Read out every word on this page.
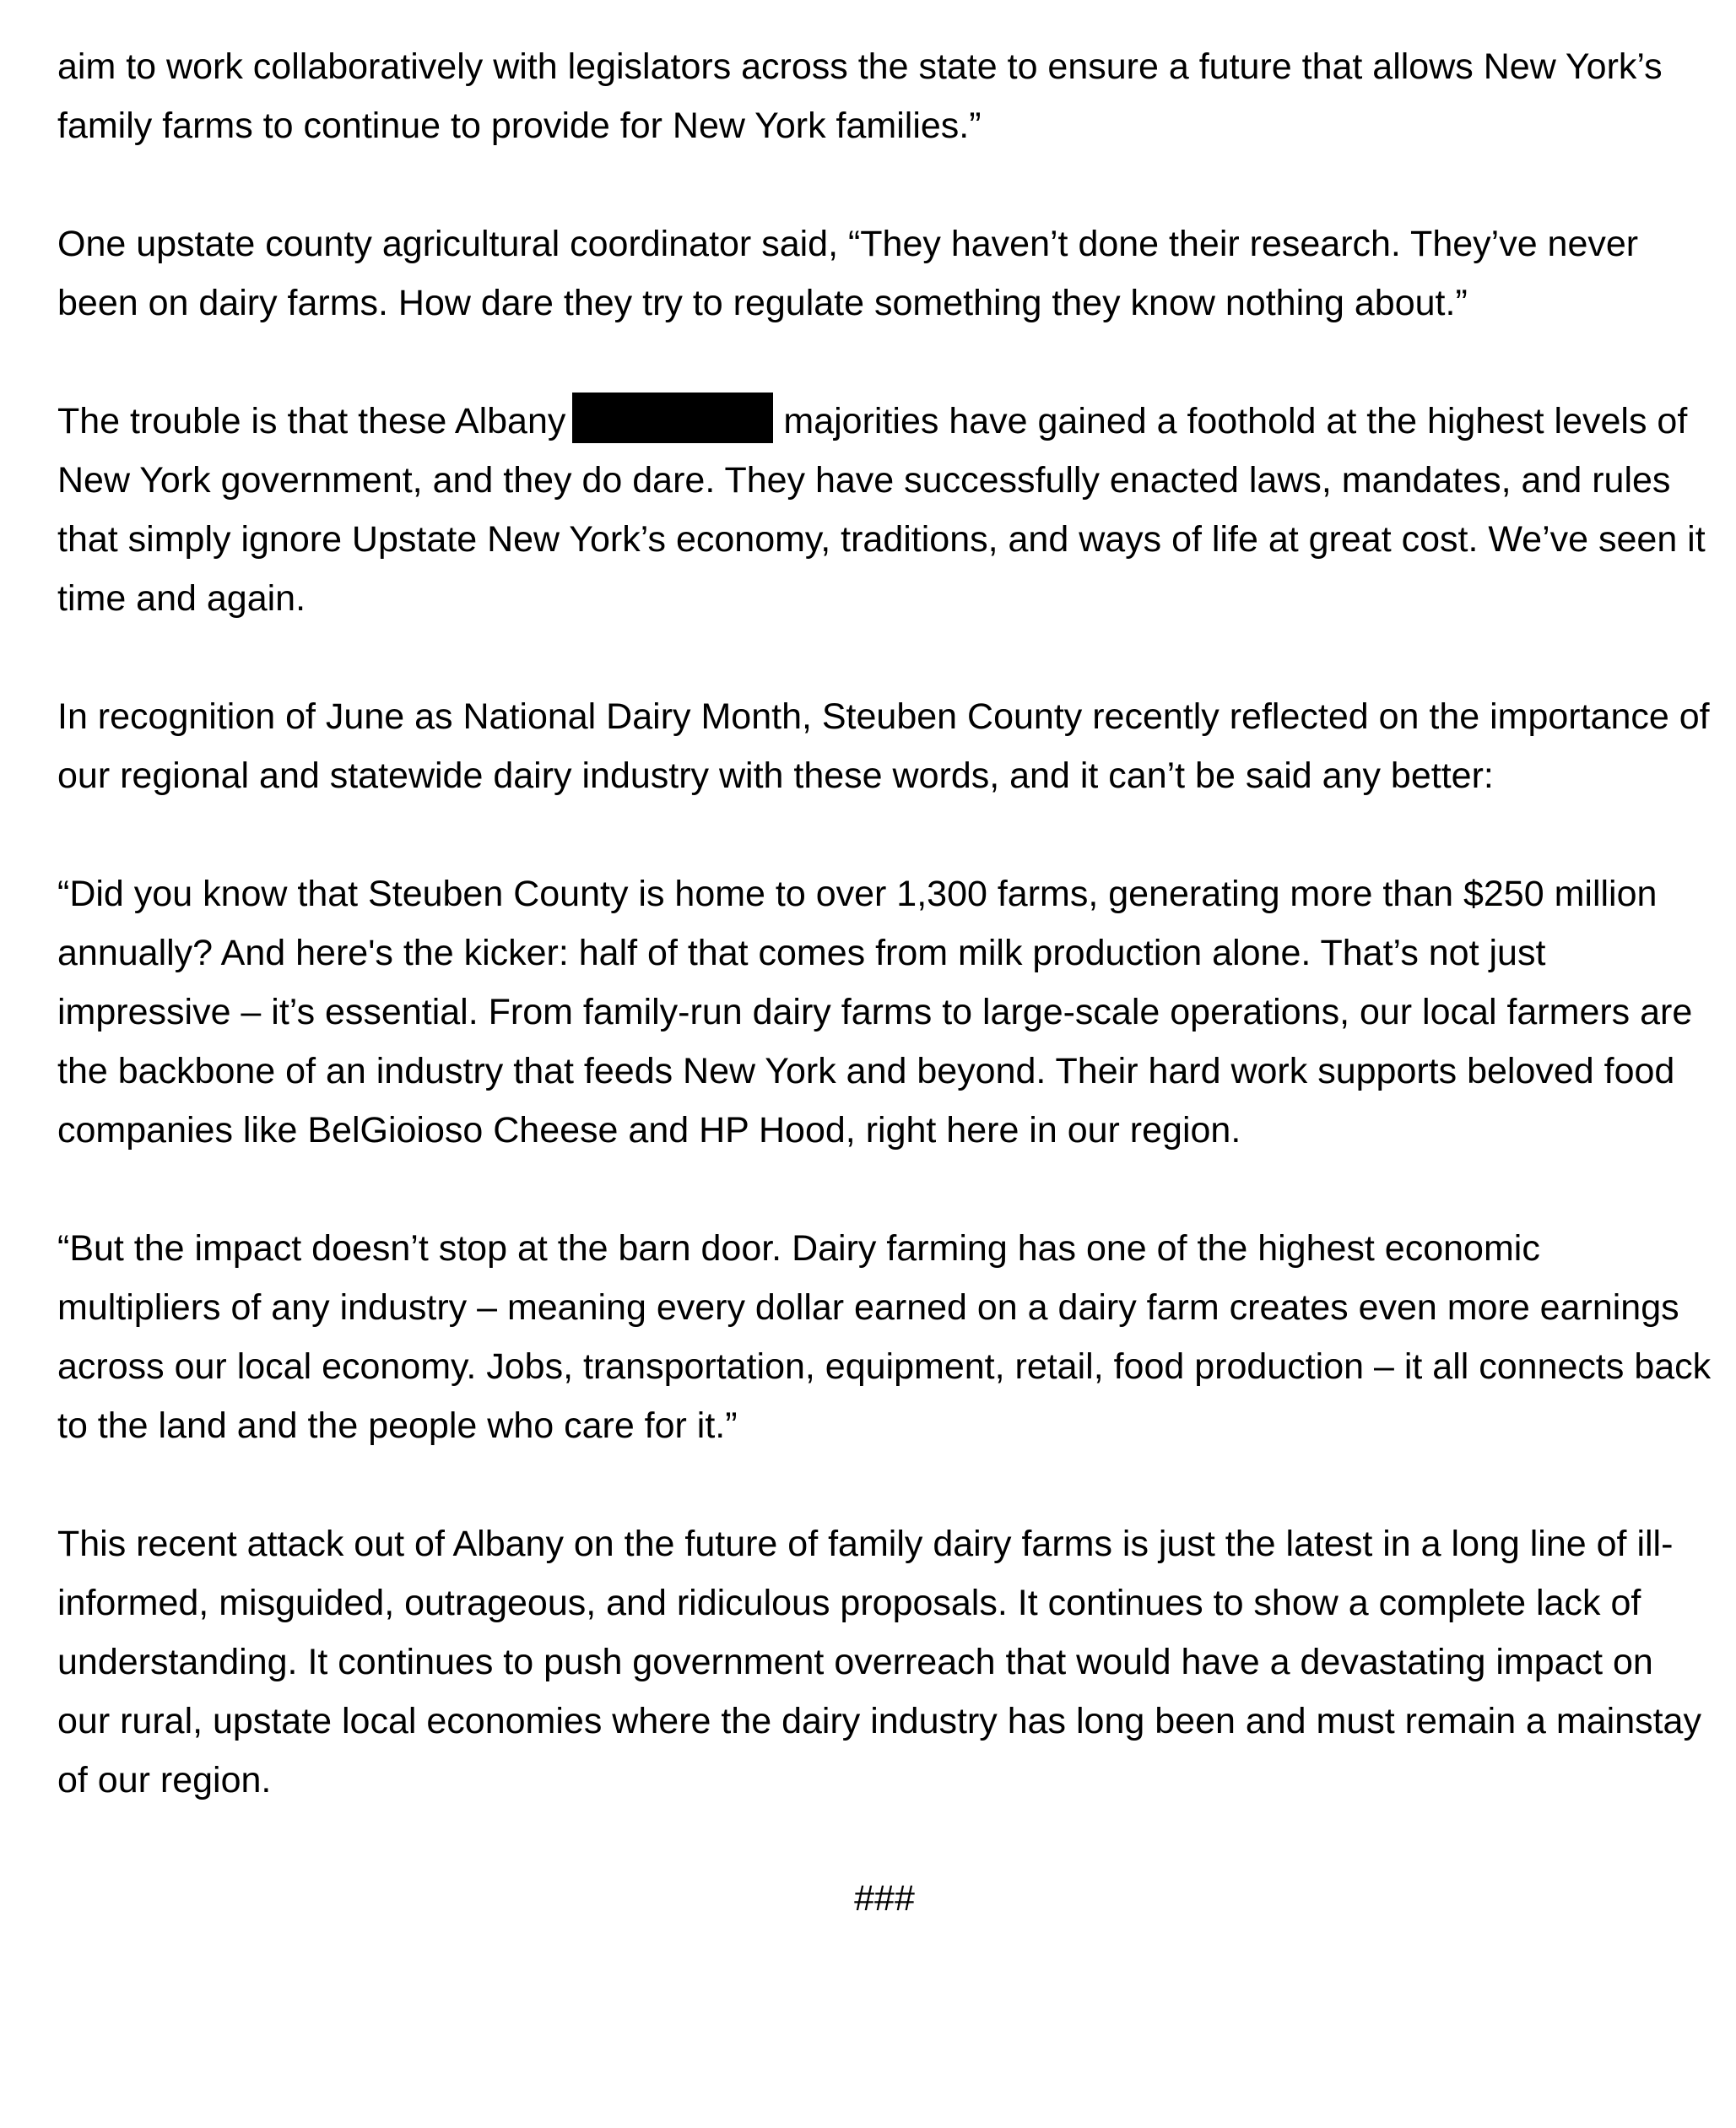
aim to work collaboratively with legislators across the state to ensure a future that allows New York’s family farms to continue to provide for New York families.”

One upstate county agricultural coordinator said, “They haven’t done their research. They’ve never been on dairy farms. How dare they try to regulate something they know nothing about.”

The trouble is that these Albany	majorities have gained a foothold at the highest levels of New York government, and they do dare. They have successfully enacted laws, mandates, and rules that simply ignore Upstate New York’s economy, traditions, and ways of life at great cost. We’ve seen it time and again.

In recognition of June as National Dairy Month, Steuben County recently reflected on the importance of our regional and statewide dairy industry with these words, and it can’t be said any better:

“Did you know that Steuben County is home to over 1,300 farms, generating more than $250 million annually? And here's the kicker: half of that comes from milk production alone. That’s not just impressive – it’s essential. From family-run dairy farms to large-scale operations, our local farmers are the backbone of an industry that feeds New York and beyond. Their hard work supports beloved food companies like BelGioioso Cheese and HP Hood, right here in our region.

“But the impact doesn’t stop at the barn door. Dairy farming has one of the highest economic multipliers of any industry – meaning every dollar earned on a dairy farm creates even more earnings across our local economy. Jobs, transportation, equipment, retail, food production – it all connects back to the land and the people who care for it.”

This recent attack out of Albany on the future of family dairy farms is just the latest in a long line of ill-informed, misguided, outrageous, and ridiculous proposals. It continues to show a complete lack of understanding. It continues to push government overreach that would have a devastating impact on our rural, upstate local economies where the dairy industry has long been and must remain a mainstay of our region.

###
